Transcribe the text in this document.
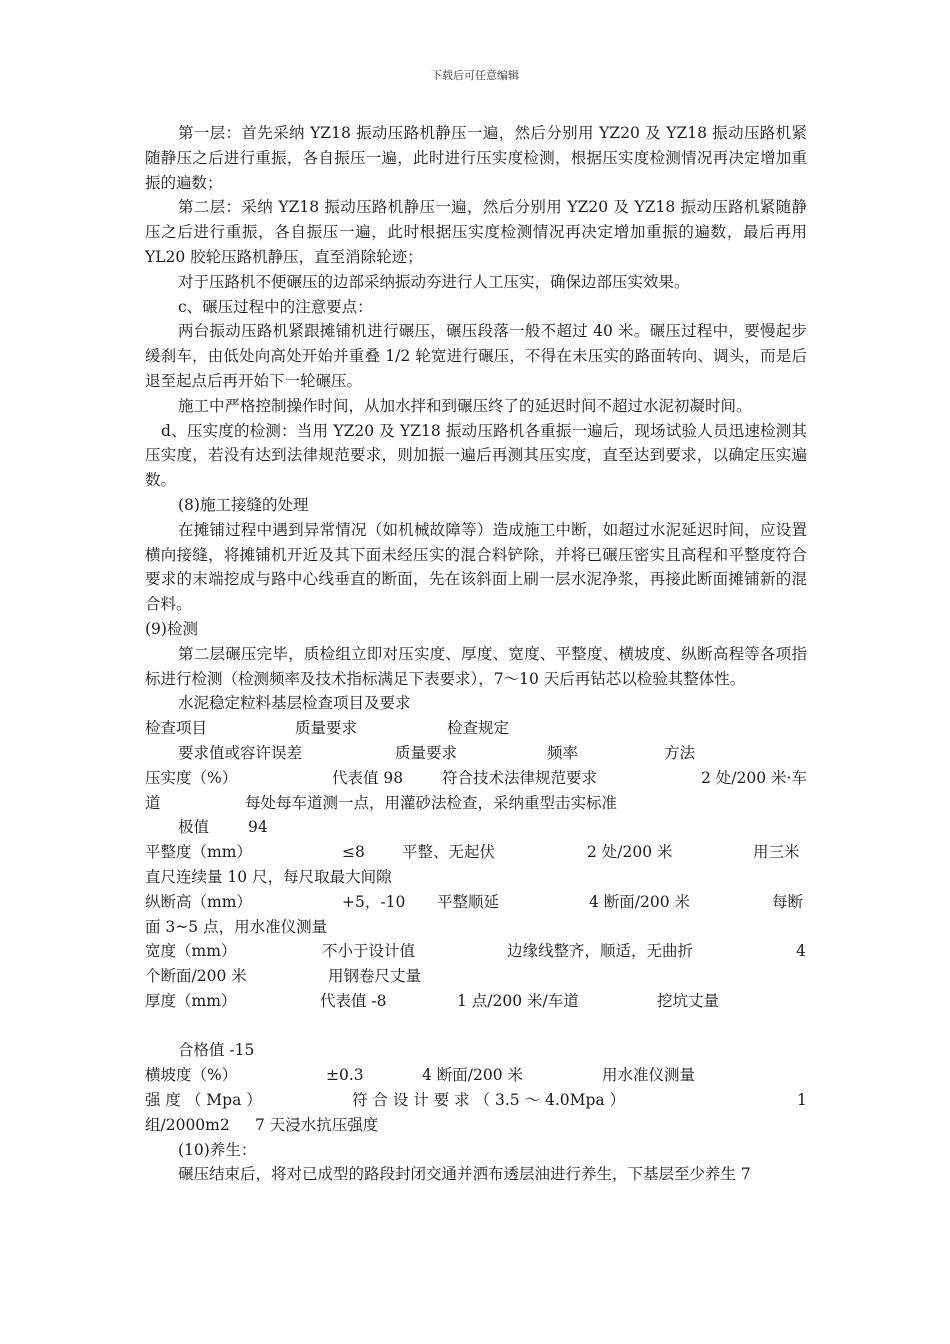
下载后可任意编辑

第一层：首先采纳 YZ18 振动压路机静压一遍，然后分别用 YZ20 及 YZ18 振动压路机紧随静压之后进行重振，各自振压一遍，此时进行压实度检测，根据压实度检测情况再决定增加重振的遍数；

第二层：采纳 YZ18 振动压路机静压一遍，然后分别用 YZ20 及 YZ18 振动压路机紧随静压之后进行重振，各自振压一遍，此时根据压实度检测情况再决定增加重振的遍数，最后再用 YL20 胶轮压路机静压，直至消除轮迹；

对于压路机不便碾压的边部采纳振动夯进行人工压实，确保边部压实效果。

c、碾压过程中的注意要点：

两台振动压路机紧跟摊铺机进行碾压，碾压段落一般不超过 40 米。碾压过程中，要慢起步缓刹车，由低处向高处开始并重叠 1/2 轮宽进行碾压，不得在未压实的路面转向、调头，而是后退至起点后再开始下一轮碾压。

施工中严格控制操作时间，从加水拌和到碾压终了的延迟时间不超过水泥初凝时间。

d、压实度的检测：当用 YZ20 及 YZ18 振动压路机各重振一遍后，现场试验人员迅速检测其压实度，若没有达到法律规范要求，则加振一遍后再测其压实度，直至达到要求，以确定压实遍数。

(8)施工接缝的处理

在摊铺过程中遇到异常情况（如机械故障等）造成施工中断，如超过水泥延迟时间，应设置横向接缝，将摊铺机开近及其下面未经压实的混合料铲除，并将已碾压密实且高程和平整度符合要求的末端挖成与路中心线垂直的断面，先在该斜面上刷一层水泥净浆，再接此断面摊铺新的混合料。

(9)检测

第二层碾压完毕，质检组立即对压实度、厚度、宽度、平整度、横坡度、纵断高程等各项指标进行检测（检测频率及技术指标满足下表要求），7～10 天后再钻芯以检验其整体性。

水泥稳定粒料基层检查项目及要求

检查项目	质量要求	检查规定
要求值或容许误差	质量要求	频率	方法
压实度（%）	代表值 98	符合技术法律规范要求	2 处/200 米·车
道	每处每车道测一点，用灌砂法检查，采纳重型击实标准
极值	94
平整度（mm）	≤8 平整、无起伏	2 处/200 米	用三米
直尺连续量 10 尺，每尺取最大间隙
纵断高（mm）	+5，-10 平整顺延	4 断面/200 米	每断
面 3~5 点，用水准仪测量
宽度（mm）	不小于设计值	边缘线整齐，顺适，无曲折	4
个断面/200 米	用钢卷尺丈量
厚度（mm）	代表值 -8	1 点/200 米/车道	挖坑丈量
合格值 -15
横坡度（%）	±0.3	4 断面/200 米	用水准仪测量
强 度 （ Mpa ）	符 合 设 计 要 求 （ 3.5 ～ 4.0Mpa ）	1
组/2000m2 7 天浸水抗压强度

(10)养生：

碾压结束后，将对已成型的路段封闭交通并洒布透层油进行养生，下基层至少养生 7
